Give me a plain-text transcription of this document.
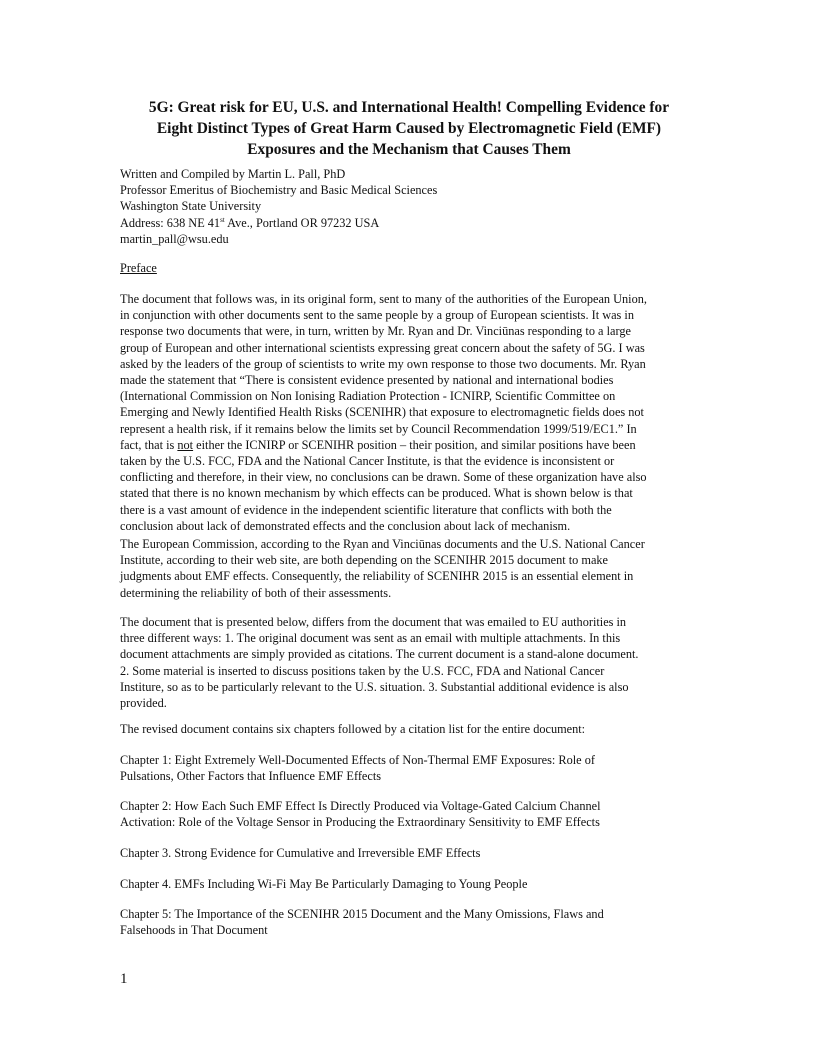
5G: Great risk for EU, U.S. and International Health! Compelling Evidence for
Eight Distinct Types of Great Harm Caused by Electromagnetic Field (EMF)
Exposures and the Mechanism that Causes Them
Written and Compiled by Martin L. Pall, PhD
Professor Emeritus of Biochemistry and Basic Medical Sciences
Washington State University
Address: 638 NE 41st Ave., Portland OR 97232 USA
martin_pall@wsu.edu
Preface
The document that follows was, in its original form, sent to many of the authorities of the European Union,
in conjunction with other documents sent to the same people by a group of European scientists. It was in
response two documents that were, in turn, written by Mr. Ryan and Dr. Vinciūnas responding to a large
group of European and other international scientists expressing great concern about the safety of 5G. I was
asked by the leaders of the group of scientists to write my own response to those two documents. Mr. Ryan
made the statement that “There is consistent evidence presented by national and international bodies
(International Commission on Non Ionising Radiation Protection - ICNIRP, Scientific Committee on
Emerging and Newly Identified Health Risks (SCENIHR) that exposure to electromagnetic fields does not
represent a health risk, if it remains below the limits set by Council Recommendation 1999/519/EC1.” In
fact, that is not either the ICNIRP or SCENIHR position – their position, and similar positions have been
taken by the U.S. FCC, FDA and the National Cancer Institute, is that the evidence is inconsistent or
conflicting and therefore, in their view, no conclusions can be drawn. Some of these organization have also
stated that there is no known mechanism by which effects can be produced. What is shown below is that
there is a vast amount of evidence in the independent scientific literature that conflicts with both the
conclusion about lack of demonstrated effects and the conclusion about lack of mechanism.
The European Commission, according to the Ryan and Vinciūnas documents and the U.S. National Cancer
Institute, according to their web site, are both depending on the SCENIHR 2015 document to make
judgments about EMF effects. Consequently, the reliability of SCENIHR 2015 is an essential element in
determining the reliability of both of their assessments.
The document that is presented below, differs from the document that was emailed to EU authorities in
three different ways: 1. The original document was sent as an email with multiple attachments. In this
document attachments are simply provided as citations. The current document is a stand-alone document.
2. Some material is inserted to discuss positions taken by the U.S. FCC, FDA and National Cancer
Institure, so as to be particularly relevant to the U.S. situation. 3. Substantial additional evidence is also
provided.
The revised document contains six chapters followed by a citation list for the entire document:
Chapter 1: Eight Extremely Well-Documented Effects of Non-Thermal EMF Exposures: Role of
Pulsations, Other Factors that Influence EMF Effects
Chapter 2: How Each Such EMF Effect Is Directly Produced via Voltage-Gated Calcium Channel
Activation: Role of the Voltage Sensor in Producing the Extraordinary Sensitivity to EMF Effects
Chapter 3. Strong Evidence for Cumulative and Irreversible EMF Effects
Chapter 4. EMFs Including Wi-Fi May Be Particularly Damaging to Young People
Chapter 5: The Importance of the SCENIHR 2015 Document and the Many Omissions, Flaws and
Falsehoods in That Document
1
